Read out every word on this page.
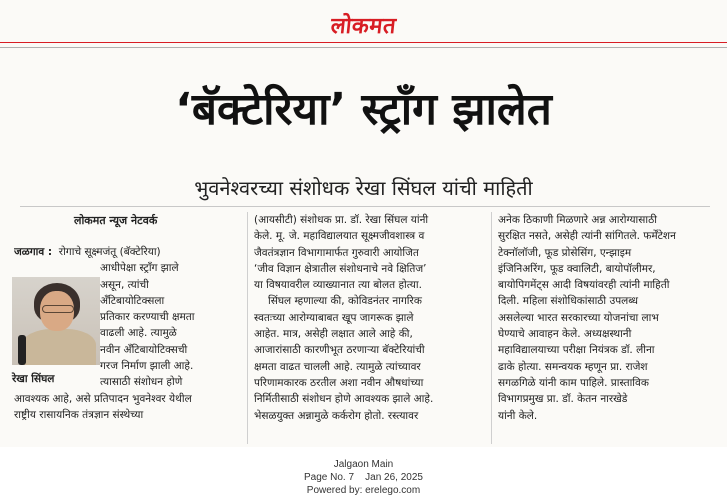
लोकमत
‘बॅक्टेरिया’ स्ट्राँग झालेत
भुवनेश्वरच्या संशोधक रेखा सिंघल यांची माहिती
लोकमत न्यूज नेटवर्क
जळगाव : रोगाचे सूक्ष्मजंतू (बॅक्टेरिया)
आधीपेक्षा स्ट्राँग झाले
असून, त्यांची
अँटिबायोटिक्सला
प्रतिकार करण्याची क्षमता
वाढली आहे. त्यामुळे
नवीन अँटिबायोटिक्सची
गरज निर्माण झाली आहे.
त्यासाठी संशोधन होणे
आवश्यक आहे, असे प्रतिपादन भुवनेश्वर येथील
राष्ट्रीय रासायनिक तंत्रज्ञान संस्थेच्या
रेखा सिंघल
(आयसीटी) संशोधक प्रा. डॉ. रेखा सिंघल यांनी
केले. मू. जे. महाविद्यालयात सूक्ष्मजीवशास्त्र व
जैवतंत्रज्ञान विभागामार्फत गुरुवारी आयोजित
‘जीव विज्ञान क्षेत्रातील संशोधनाचे नवे क्षितिज’
या विषयावरील व्याख्यानात त्या बोलत होत्या.
सिंघल म्हणाल्या की, कोविडनंतर नागरिक
स्वतःच्या आरोग्याबाबत खूप जागरूक झाले
आहेत. मात्र, असेही लक्षात आले आहे की,
आजारांसाठी कारणीभूत ठरणाऱ्या बॅक्टेरियांची
क्षमता वाढत चालली आहे. त्यामुळे त्यांच्यावर
परिणामकारक ठरतील अशा नवीन औषधांच्या
निर्मितीसाठी संशोधन होणे आवश्यक झाले आहे.
भेसळयुक्त अन्नामुळे कर्करोग होतो. रस्त्यावर
अनेक ठिकाणी मिळणारे अन्न आरोग्यासाठी
सुरक्षित नसते, असेही त्यांनी सांगितले. फर्मेंटेशन
टेक्नॉलॉजी, फूड प्रोसेसिंग, एन्झाइम
इंजिनिअरिंग, फूड क्वालिटी, बायोपॉलीमर,
बायोपिगमेंट्स आदी विषयांवरही त्यांनी माहिती
दिली. महिला संशोधिकांसाठी उपलब्ध
असलेल्या भारत सरकारच्या योजनांचा लाभ
घेण्याचे आवाहन केले. अध्यक्षस्थानी
महाविद्यालयाच्या परीक्षा नियंत्रक डॉ. लीना
ढाके होत्या. समन्वयक म्हणून प्रा. राजेश
सगळगिळे यांनी काम पाहिले. प्रास्ताविक
विभागप्रमुख प्रा. डॉ. केतन नारखेडे
यांनी केले.
Jalgaon Main
Page No. 7    Jan 26, 2025
Powered by: erelego.com
